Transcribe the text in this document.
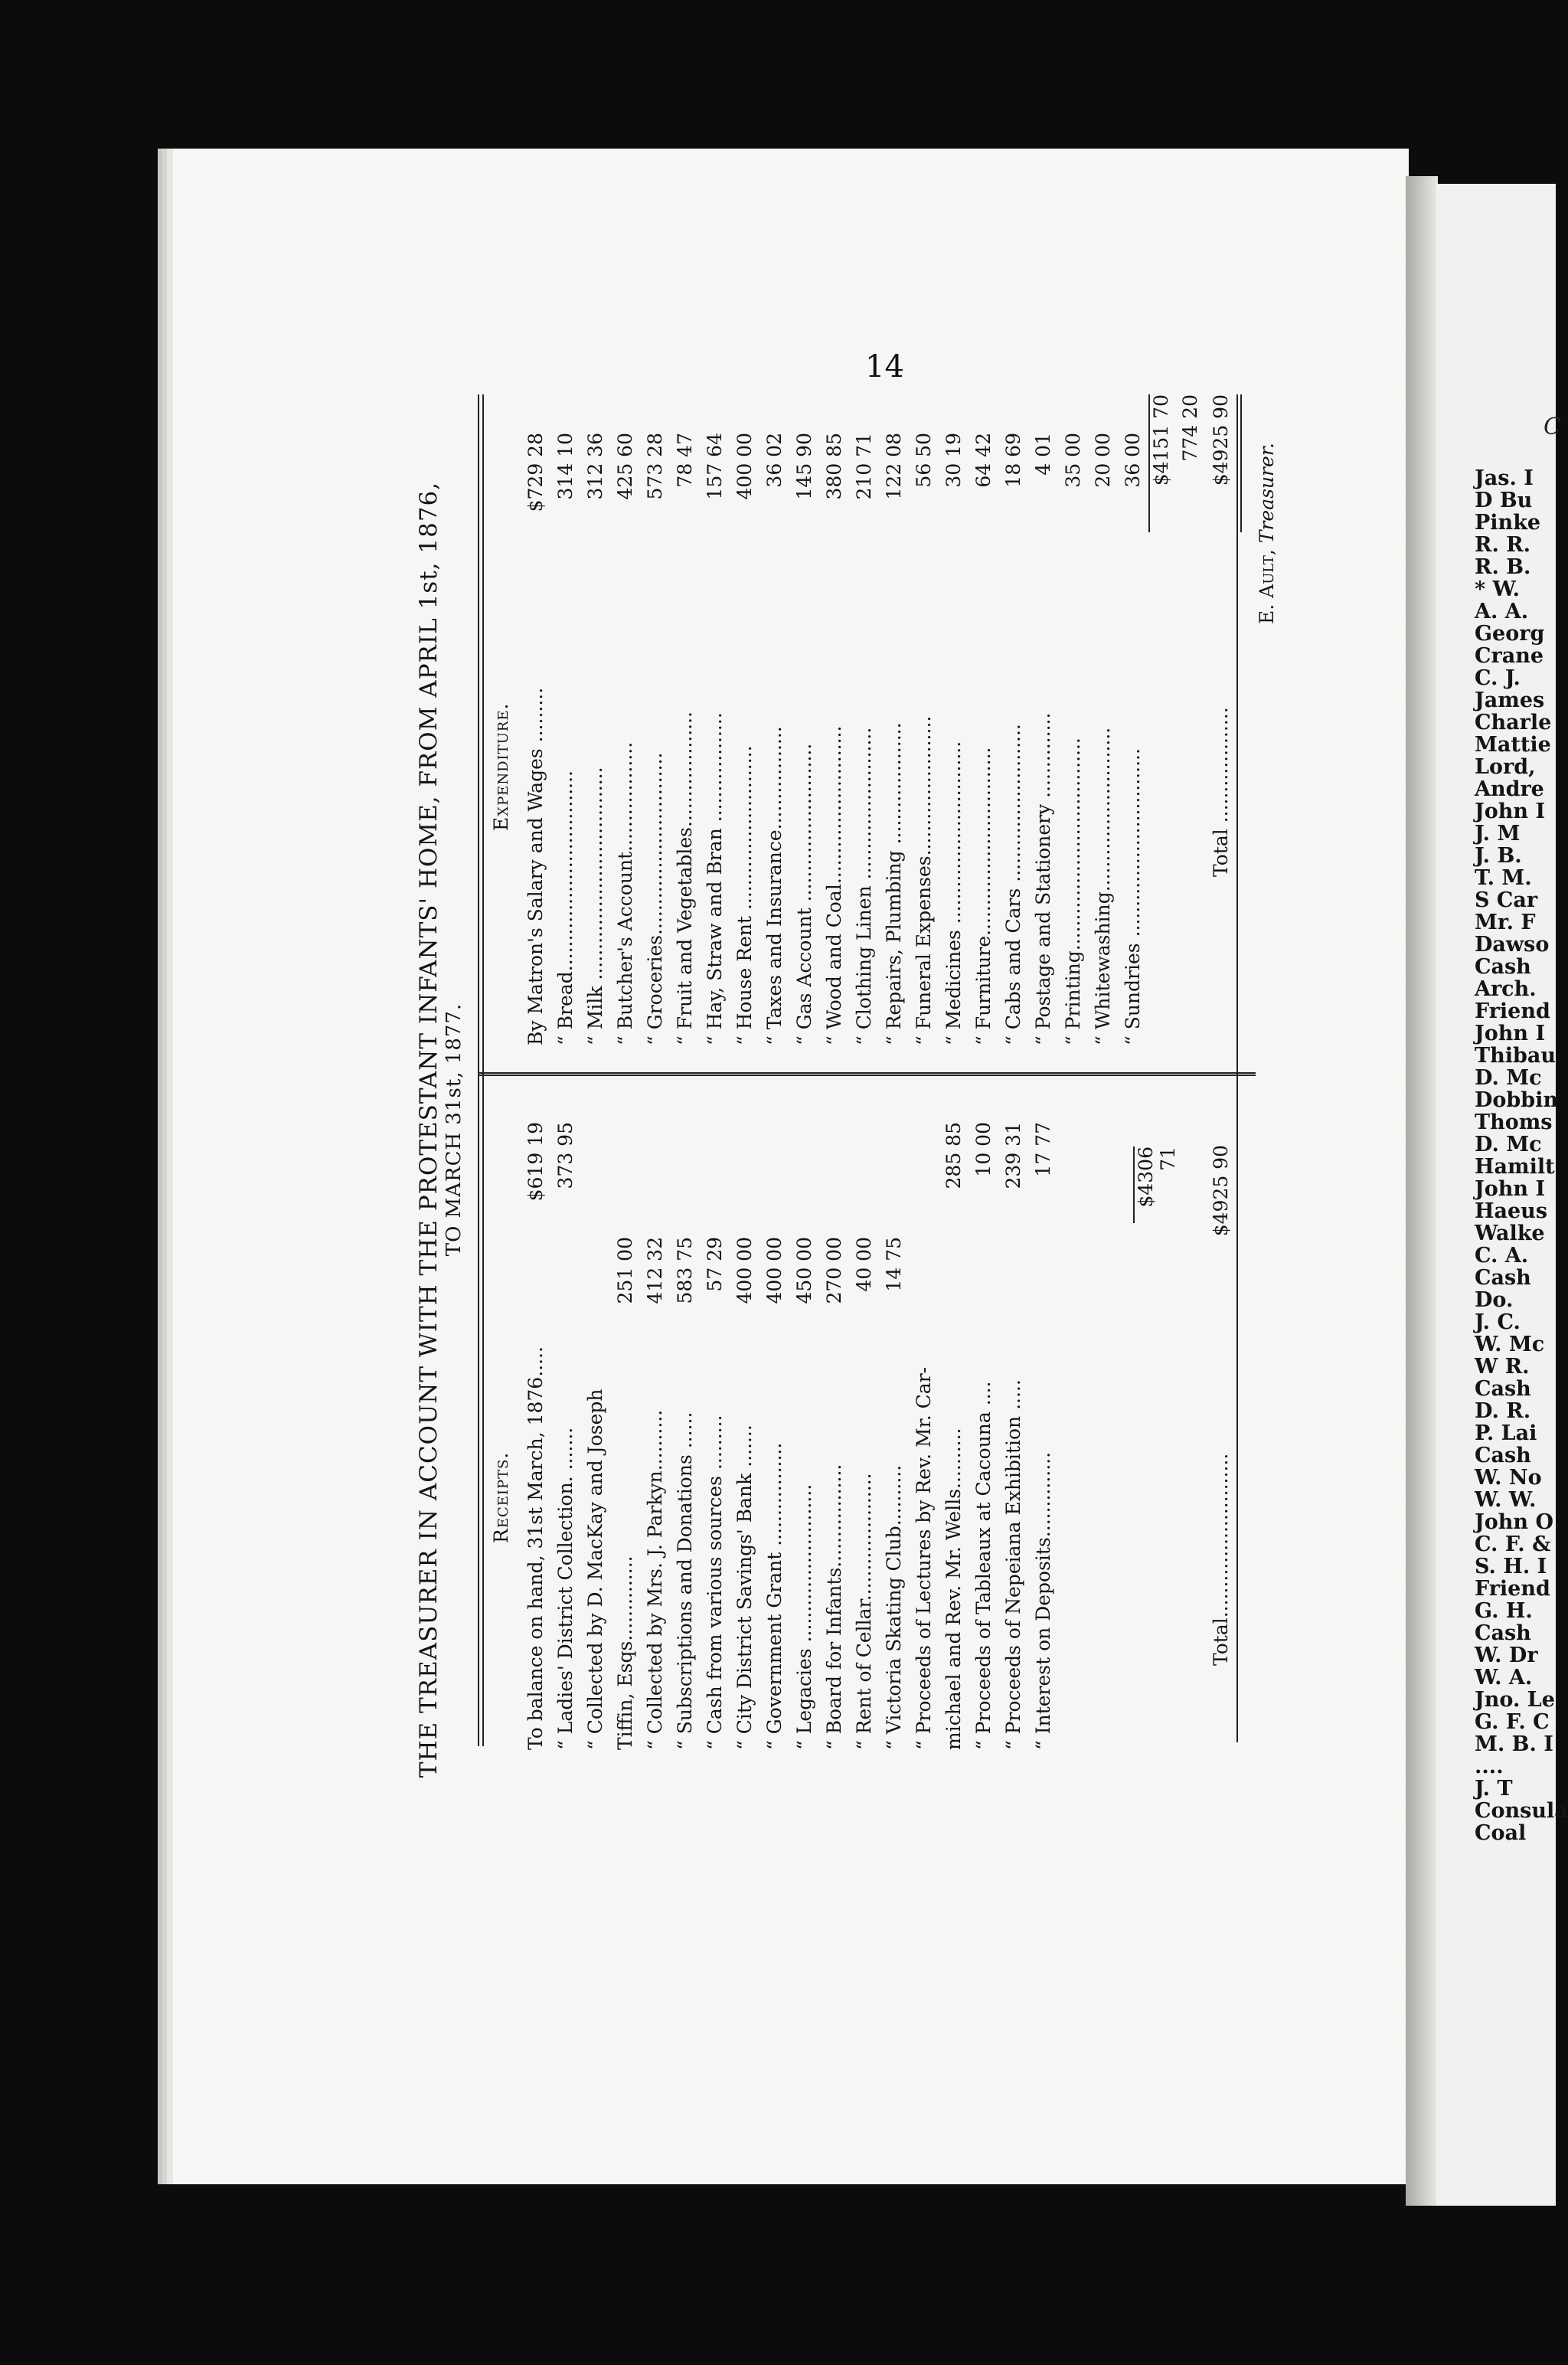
C
Jas. I
D Bu
Pinke
R. R.
R. B.
* W.
A. A.
Georg
Crane
C. J.
James
Charle
Mattie
Lord,
Andre
John I
J. M
J. B.
T. M.
S Car
Mr. F
Dawso
Cash
Arch.
Friend
John I
Thibau
D. Mc
Dobbin
Thoms
D. Mc
Hamilt
John I
Haeus
Walke
C. A.
Cash
Do.
J. C.
W. Mc
W R.
Cash
D. R.
P. Lai
Cash
W. No
W. W.
John O
C. F. &
S. H. I
Friend
G. H.
Cash
W. Dr
W. A.
Jno. Le
G. F. C
M. B. I
....
J. T
Consula
Coal
14
THE TREASURER IN ACCOUNT WITH THE PROTESTANT INFANTS' HOME, FROM APRIL 1st, 1876, TO MARCH 31st, 1877.
Receipts.
Expenditure.
To balance on hand, 31st March, 1876.....
$619 19
“ Ladies' District Collection. .......
373 95
“ Collected by D. MacKay and Joseph Tiffin, Esqs..............
251 00
“ Collected by Mrs. J. Parkyn..........
412 32
“ Subscriptions and Donations ......
583 75
“ Cash from various sources .........
57 29
“ City District Savings' Bank .......
400 00
“ Government Grant .................
400 00
“ Legacies ..........................
450 00
“ Board for Infants.................
270 00
“ Rent of Cellar.....................
40 00
“ Victoria Skating Club..........
14 75
“ Proceeds of Lectures by Rev. Mr. Car- michael and Rev. Mr. Wells..........
285 85
“ Proceeds of Tableaux at Cacouna ....
10 00
“ Proceeds of Nepeiana Exhibition .....
239 31
“ Interest on Deposits..............
17 77
By Matron's Salary and Wages .........
$729 28
“ Bread.................................
314 10
“ Milk ...................................
312 36
“ Butcher's Account..................
425 60
“ Groceries..............................
573 28
“ Fruit and Vegetables...................
78 47
“ Hay, Straw and Bran ..................
157 64
“ House Rent ...........................
400 00
“ Taxes and Insurance.................
36 02
“ Gas Account ..........................
145 90
“ Wood and Coal..........................
380 85
“ Clothing Linen .........................
210 71
“ Repairs, Plumbing ....................
122 08
“ Funeral Expenses.......................
56 50
“ Medicines ..............................
30 19
“ Furniture...............................
64 42
“ Cabs and Cars ..........................
18 69
“ Postage and Stationery ..............
4 01
“ Printing...................................
35 00
“ Whitewashing...........................
20 00
“ Sundries ...............................
36 00
$4306 71
$4151 70 774 20
Total...........................
$4925 90
Total ...................
$4925 90
E. Ault, Treasurer.
